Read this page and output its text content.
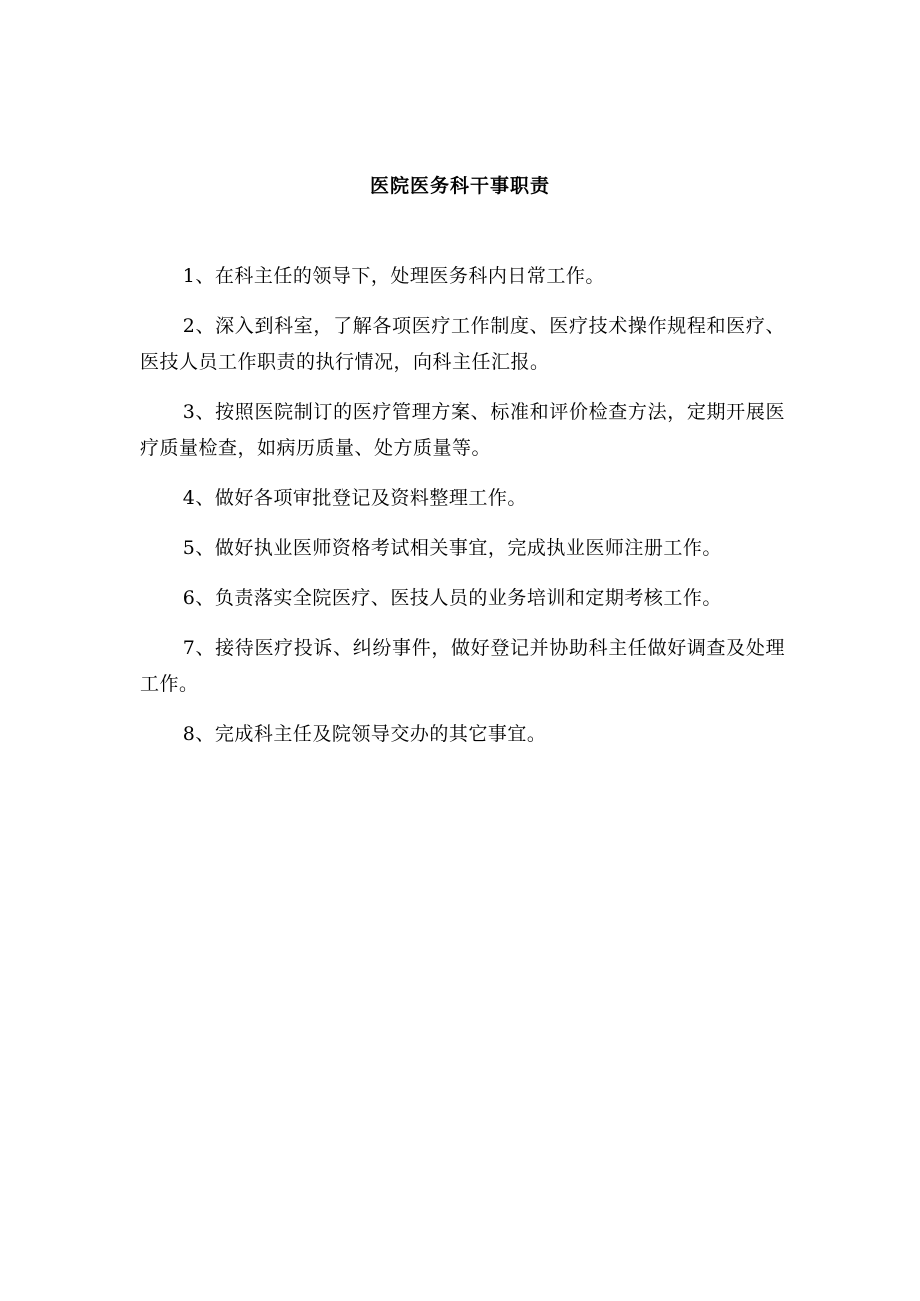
医院医务科干事职责

1、在科主任的领导下，处理医务科内日常工作。

2、深入到科室，了解各项医疗工作制度、医疗技术操作规程和医疗、医技人员工作职责的执行情况，向科主任汇报。

3、按照医院制订的医疗管理方案、标准和评价检查方法，定期开展医疗质量检查，如病历质量、处方质量等。

4、做好各项审批登记及资料整理工作。

5、做好执业医师资格考试相关事宜，完成执业医师注册工作。

6、负责落实全院医疗、医技人员的业务培训和定期考核工作。

7、接待医疗投诉、纠纷事件，做好登记并协助科主任做好调查及处理工作。

8、完成科主任及院领导交办的其它事宜。
